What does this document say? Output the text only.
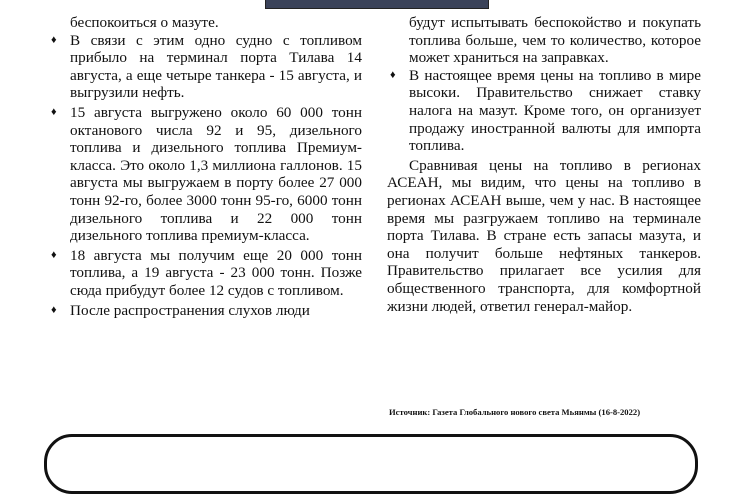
беспокоиться о мазуте.

♦ В связи с этим одно судно с топливом прибыло на терминал порта Тилава 14 августа, а еще четыре танкера - 15 августа, и выгрузили нефть.
♦ 15 августа выгружено около 60 000 тонн октанового числа 92 и 95, дизельного топлива и дизельного топлива Премиум-класса. Это около 1,3 миллиона галлонов. 15 августа мы выгружаем в порту более 27 000 тонн 92-го, более 3000 тонн 95-го, 6000 тонн дизельного топлива и 22 000 тонн дизельного топлива премиум-класса.
♦ 18 августа мы получим еще 20 000 тонн топлива, а 19 августа - 23 000 тонн. Позже сюда прибудут более 12 судов с топливом.
♦ После распространения слухов люди

будут испытывать беспокойство и покупать топлива больше, чем то количество, которое может храниться на заправках.

♦ В настоящее время цены на топливо в мире высоки. Правительство снижает ставку налога на мазут. Кроме того, он организует продажу иностранной валюты для импорта топлива.

Сравнивая цены на топливо в регионах АСЕАН, мы видим, что цены на топливо в регионах АСЕАН выше, чем у нас. В настоящее время мы разгружаем топливо на терминале порта Тилава. В стране есть запасы мазута, и она получит больше нефтяных танкеров. Правительство прилагает все усилия для общественного транспорта, для комфортной жизни людей, ответил генерал-майор.

Источник: Газета Глобального нового света Мьянмы (16-8-2022)
